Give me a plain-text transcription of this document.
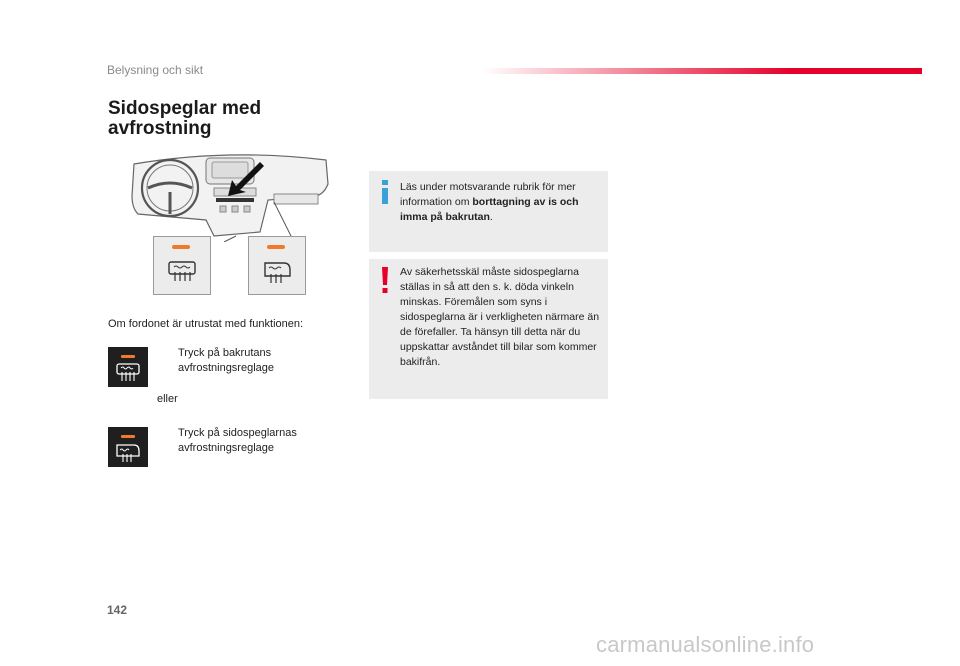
Belysning och sikt
Sidospeglar med
avfrostning
Om fordonet är utrustat med funktionen:
Tryck på bakrutans avfrostningsreglage
eller
Tryck på sidospeglarnas avfrostningsreglage
Läs under motsvarande rubrik för mer information om borttagning av is och imma på bakrutan.
Av säkerhetsskäl måste sidospeglarna ställas in så att den s. k. döda vinkeln minskas. Föremålen som syns i sidospeglarna är i verkligheten närmare än de förefaller. Ta hänsyn till detta när du uppskattar avståndet till bilar som kommer bakifrån.
142
carmanualsonline.info
